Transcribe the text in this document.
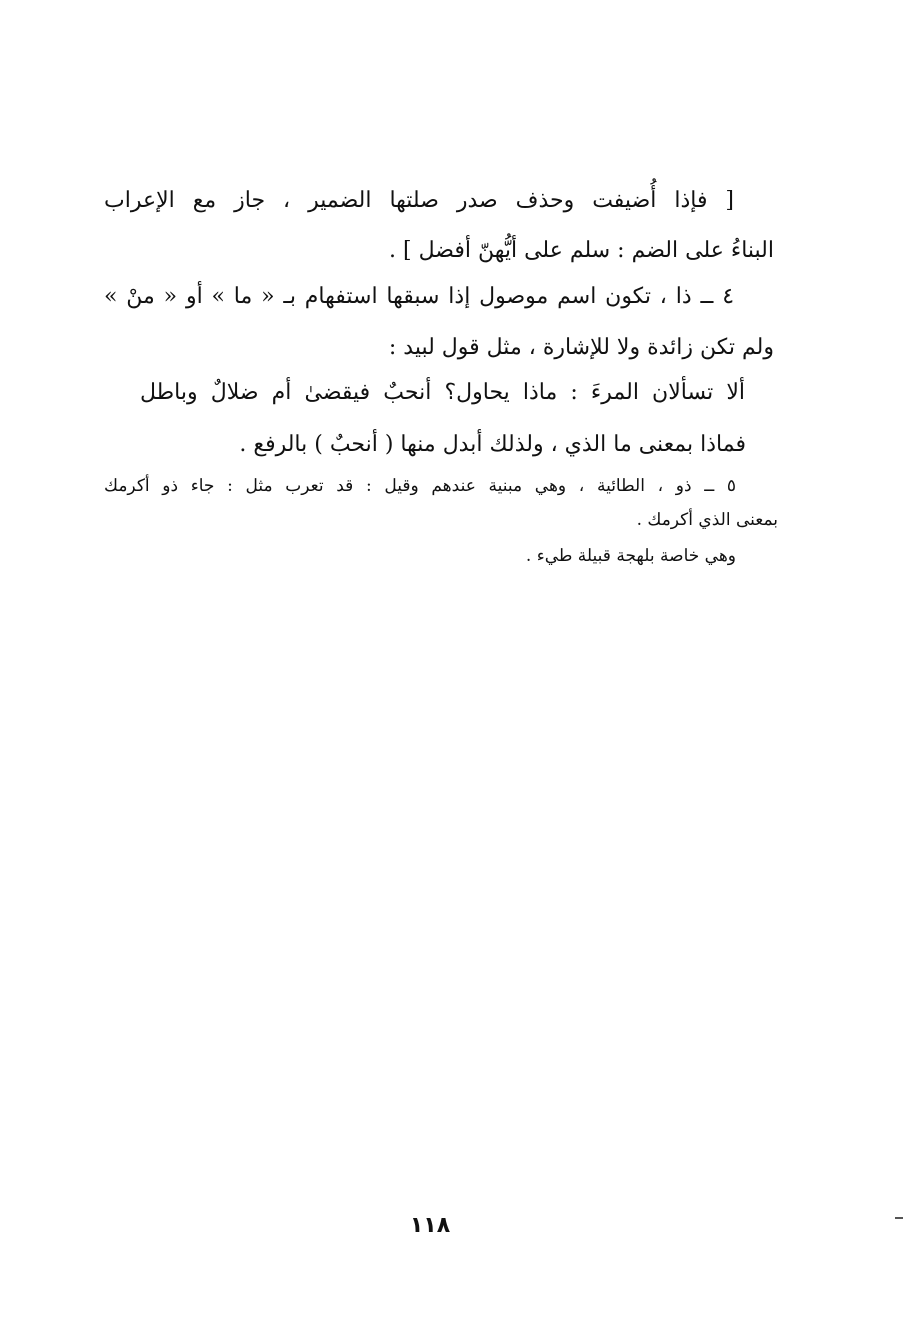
[ فإذا أُضيفت وحذف صدر صلتها الضمير ، جاز مع الإعراب
البناءُ على الضم : سلم على أيُّهنّ أفضل ] .
٤ ــ ذا ، تكون اسم موصول إذا سبقها استفهام بـ « ما » أو « منْ »
ولم تكن زائدة ولا للإشارة ، مثل قول لبيد :
ألا تسألان المرءَ : ماذا يحاول؟ أنحبٌ فيقضىٰ أم ضلالٌ وباطل
فماذا بمعنى ما الذي ، ولذلك أبدل منها ( أنحبٌ ) بالرفع .
٥ ــ ذو ، الطائية ، وهي مبنية عندهم وقيل : قد تعرب مثل : جاء ذو أكرمك
بمعنى الذي أكرمك .
وهي خاصة بلهجة قبيلة طيء .
١١٨
